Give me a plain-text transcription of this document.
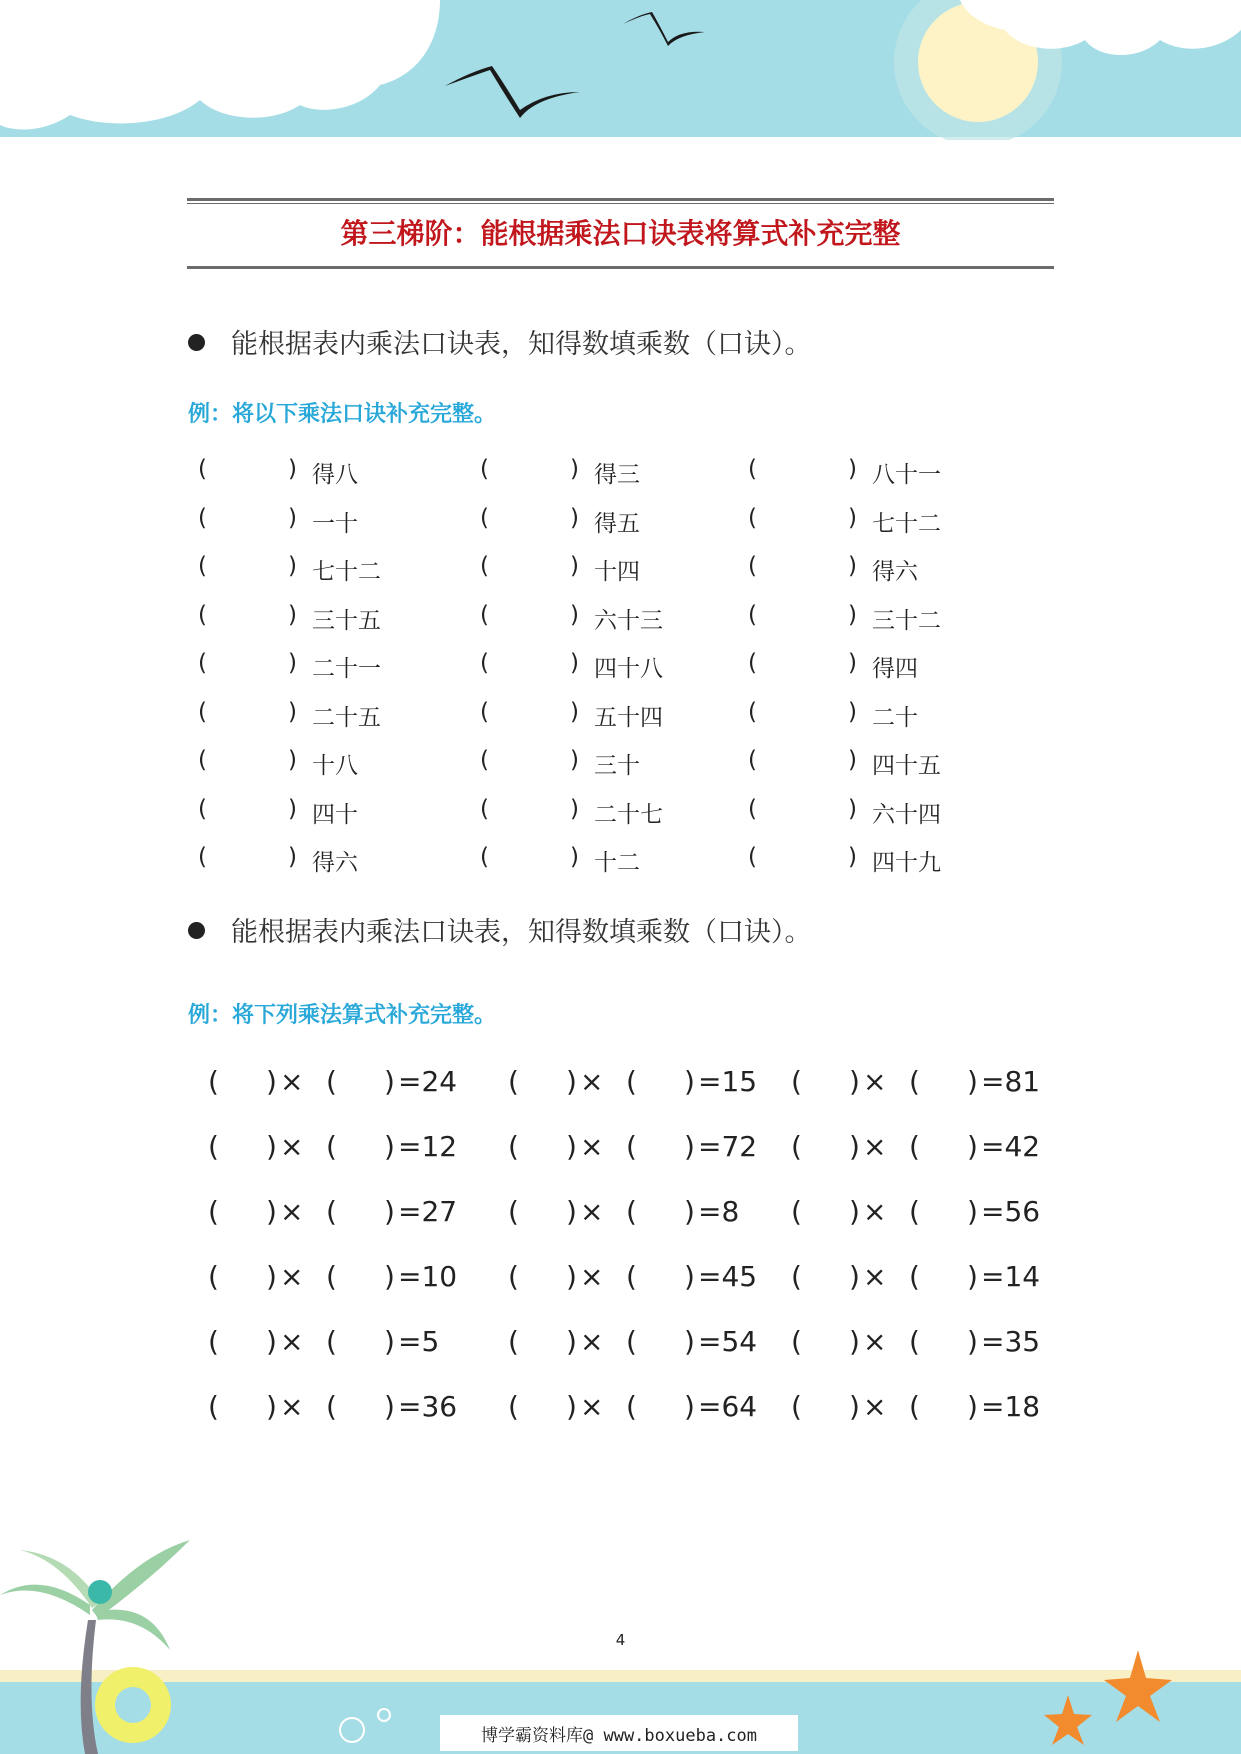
第三梯阶：能根据乘法口诀表将算式补充完整
能根据表内乘法口诀表，知得数填乘数（口诀）。
例：将以下乘法口诀补充完整。
(	) 得八	(	) 得三	(	) 八十一
(	) 一十	(	) 得五	(	) 七十二
(	) 七十二	(	) 十四	(	) 得六
(	) 三十五	(	) 六十三	(	) 三十二
(	) 二十一	(	) 四十八	(	) 得四
(	) 二十五	(	) 五十四	(	) 二十
(	) 十八	(	) 三十	(	) 四十五
(	) 四十	(	) 二十七	(	) 六十四
(	) 得六	(	) 十二	(	) 四十九
能根据表内乘法口诀表，知得数填乘数（口诀）。
例：将下列乘法算式补充完整。
( ) × ( ) =24 ( ) × ( ) =15 ( ) × ( ) =81
( ) × ( ) =12 ( ) × ( ) =72 ( ) × ( ) =42
( ) × ( ) =27 ( ) × ( ) =8 ( ) × ( ) =56
( ) × ( ) =10 ( ) × ( ) =45 ( ) × ( ) =14
( ) × ( ) =5 ( ) × ( ) =54 ( ) × ( ) =35
( ) × ( ) =36 ( ) × ( ) =64 ( ) × ( ) =18
4
博学霸资料库@ www.boxueba.com
